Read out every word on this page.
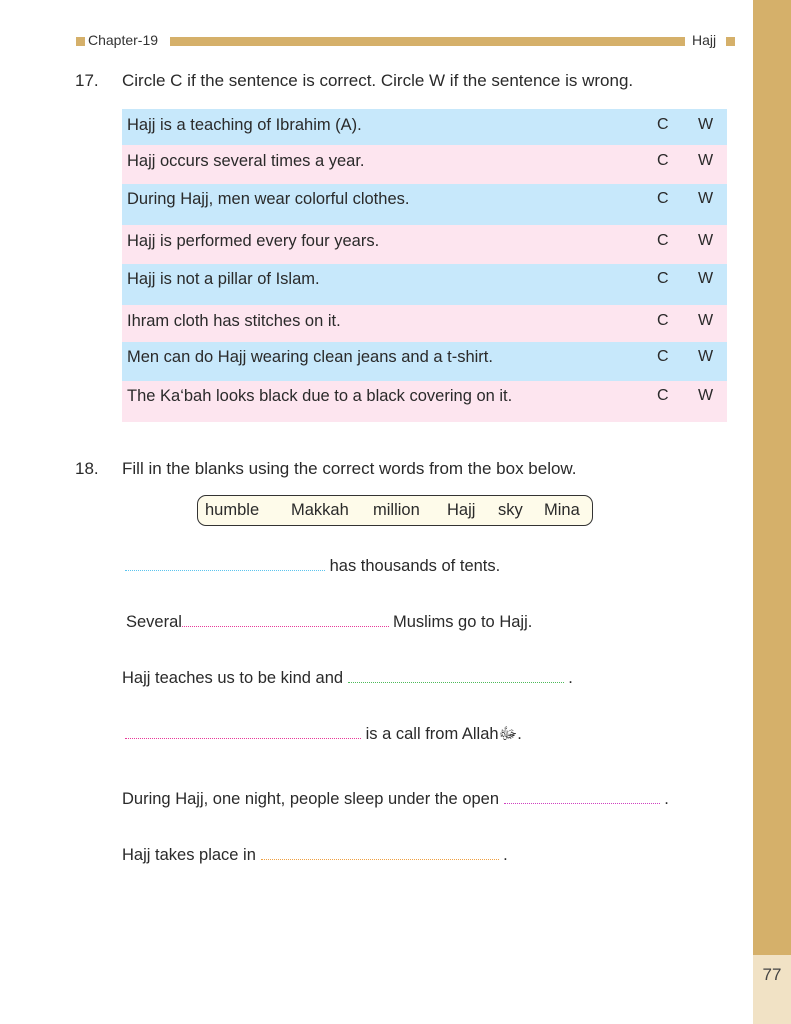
77
Chapter-19	Hajj
17. Circle C if the sentence is correct. Circle W if the sentence is wrong.
Hajj is a teaching of Ibrahim (A).	C W
Hajj occurs several times a year.	C W
During Hajj, men wear colorful clothes.	C W
Hajj is performed every four years.	C W
Hajj is not a pillar of Islam.	C W
Ihram cloth has stitches on it.	C W
Men can do Hajj wearing clean jeans and a t-shirt.	C W
The Ka‘bah looks black due to a black covering on it.	C W
18. Fill in the blanks using the correct words from the box below.
humble Makkah million Hajj sky Mina
has thousands of tents.
Several	Muslims go to Hajj.
Hajj teaches us to be kind and	.
is a call from Allahﷻ.
During Hajj, one night, people sleep under the open	.
Hajj takes place in	.
